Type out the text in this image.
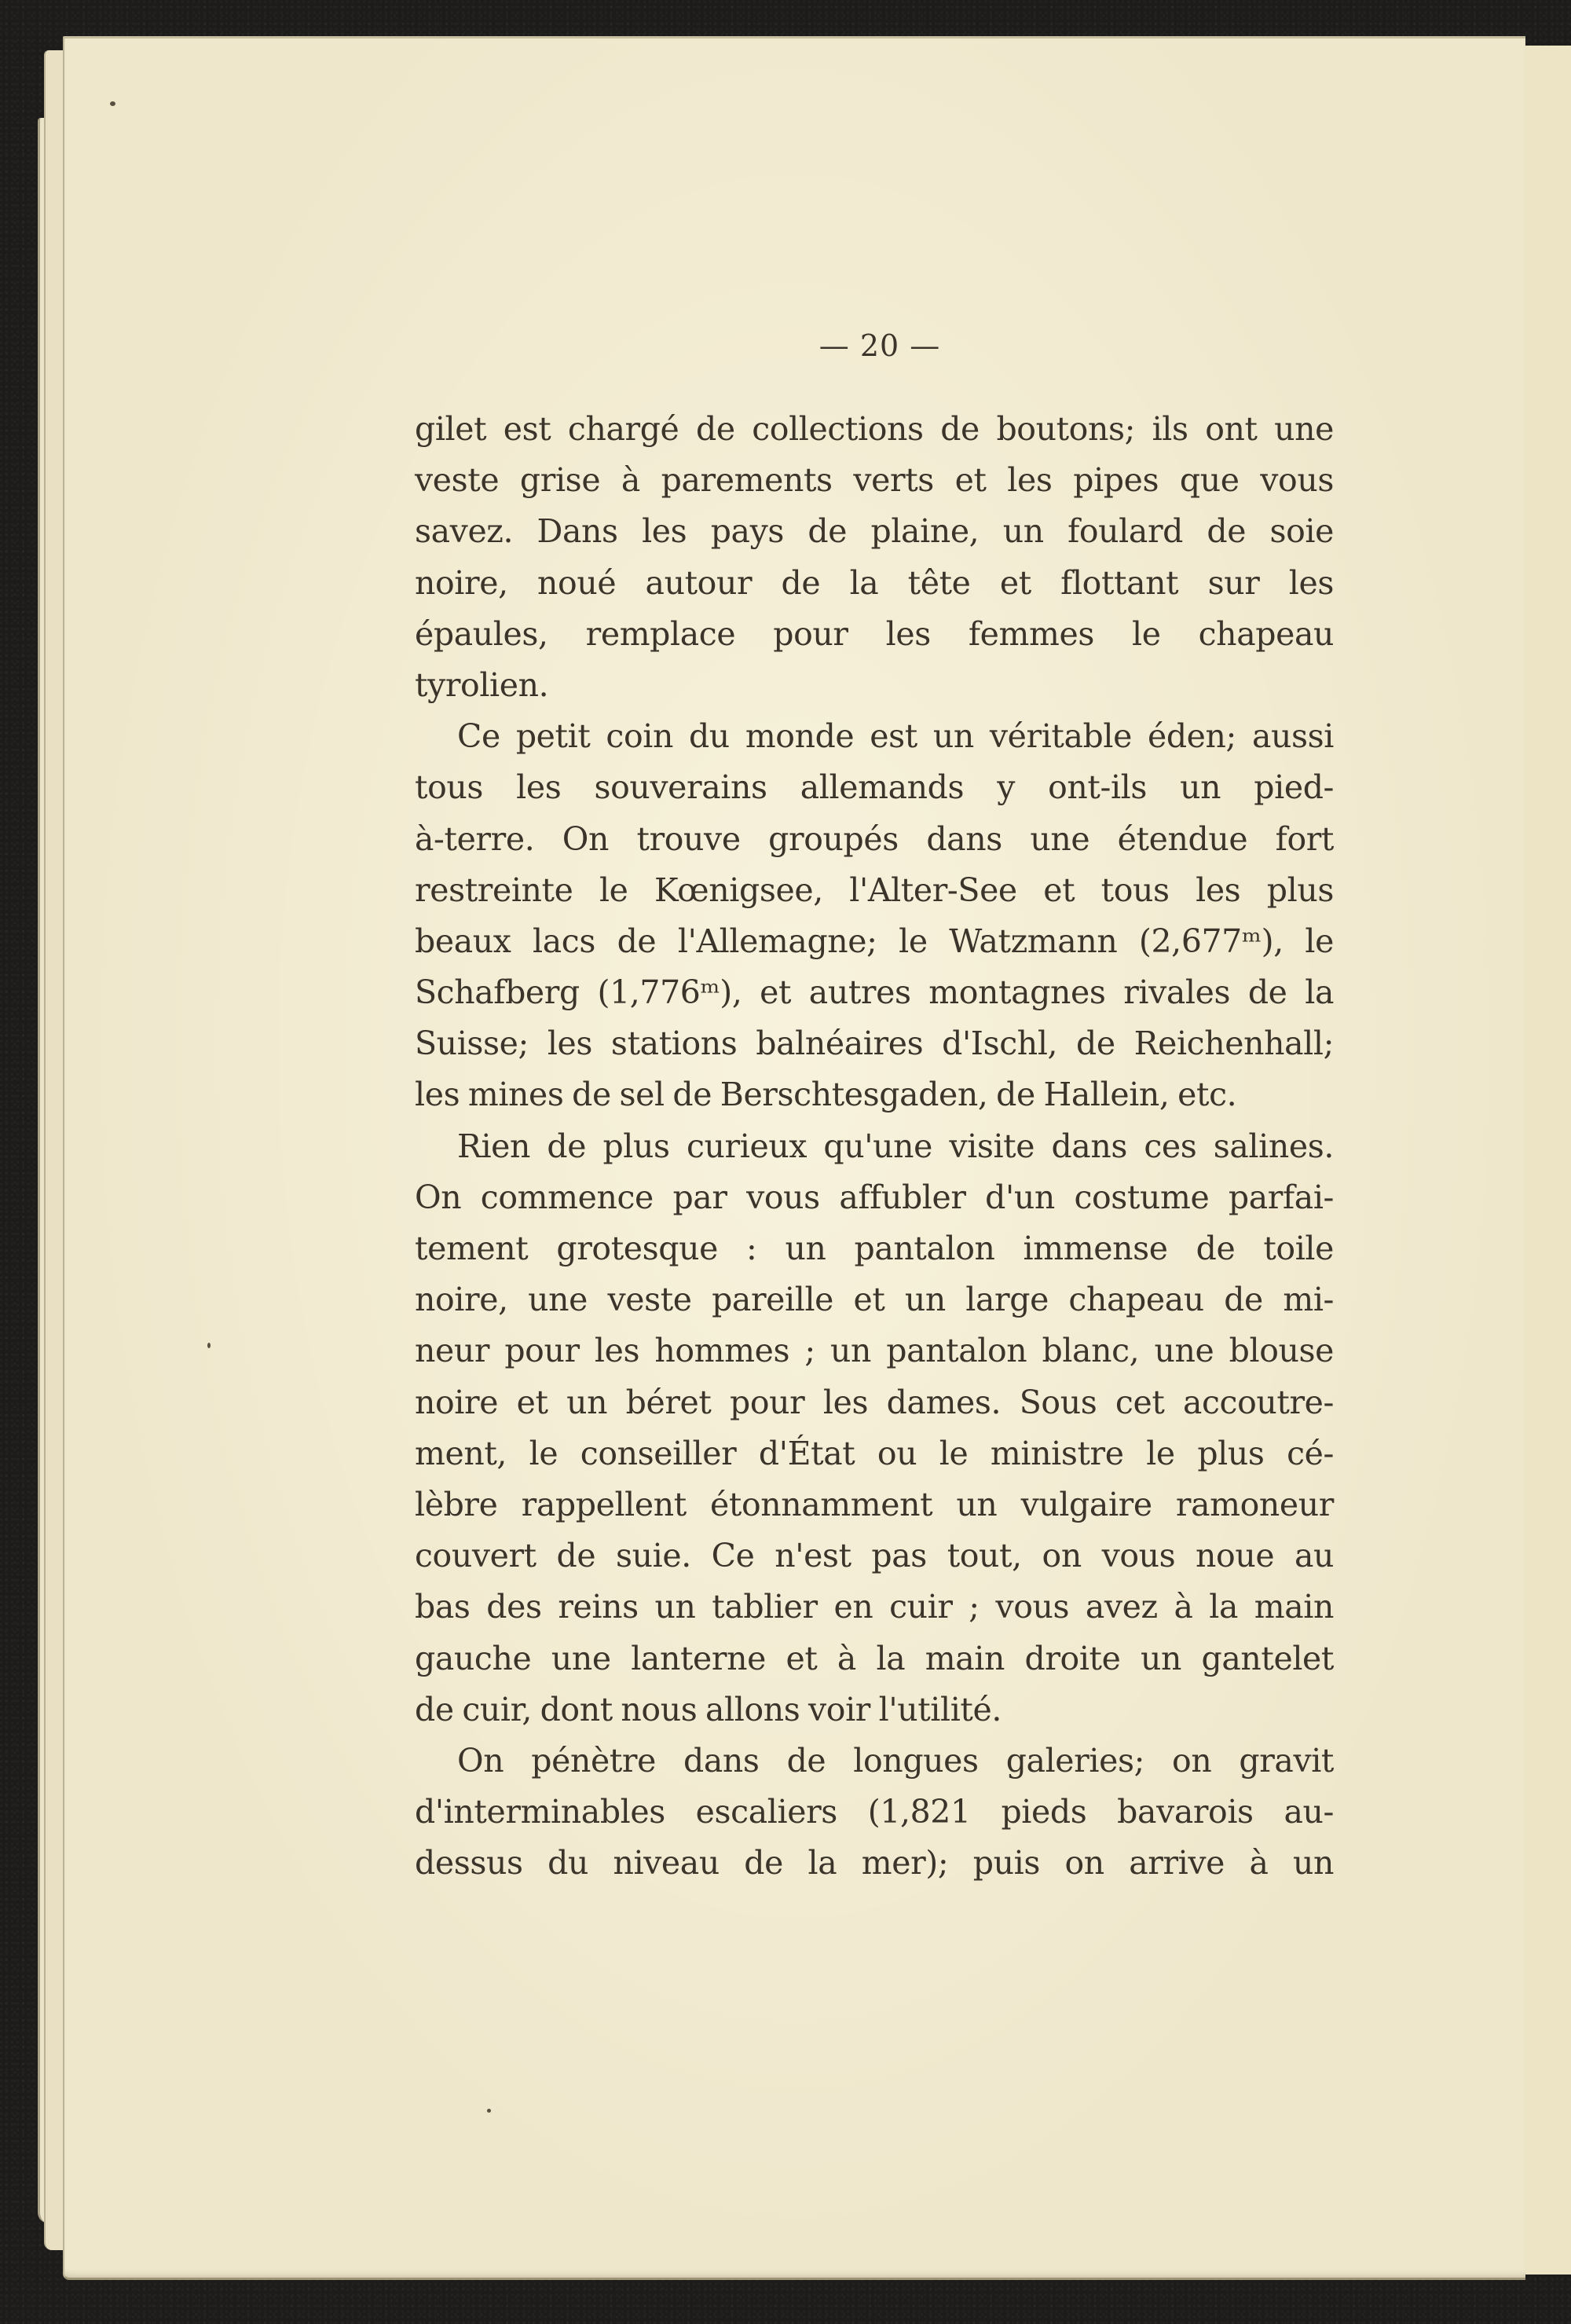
— 20 —
gilet est chargé de collections de boutons; ils ont une
veste grise à parements verts et les pipes que vous
savez. Dans les pays de plaine, un foulard de soie
noire, noué autour de la tête et flottant sur les
épaules, remplace pour les femmes le chapeau
tyrolien.
Ce petit coin du monde est un véritable éden; aussi
tous les souverains allemands y ont-ils un pied-
à-terre. On trouve groupés dans une étendue fort
restreinte le Kœnigsee, l'Alter-See et tous les plus
beaux lacs de l'Allemagne; le Watzmann (2,677ᵐ), le
Schafberg (1,776ᵐ), et autres montagnes rivales de la
Suisse; les stations balnéaires d'Ischl, de Reichenhall;
les mines de sel de Berschtesgaden, de Hallein, etc.
Rien de plus curieux qu'une visite dans ces salines.
On commence par vous affubler d'un costume parfai-
tement grotesque : un pantalon immense de toile
noire, une veste pareille et un large chapeau de mi-
neur pour les hommes ; un pantalon blanc, une blouse
noire et un béret pour les dames. Sous cet accoutre-
ment, le conseiller d'État ou le ministre le plus cé-
lèbre rappellent étonnamment un vulgaire ramoneur
couvert de suie. Ce n'est pas tout, on vous noue au
bas des reins un tablier en cuir ; vous avez à la main
gauche une lanterne et à la main droite un gantelet
de cuir, dont nous allons voir l'utilité.
On pénètre dans de longues galeries; on gravit
d'interminables escaliers (1,821 pieds bavarois au-
dessus du niveau de la mer); puis on arrive à un
